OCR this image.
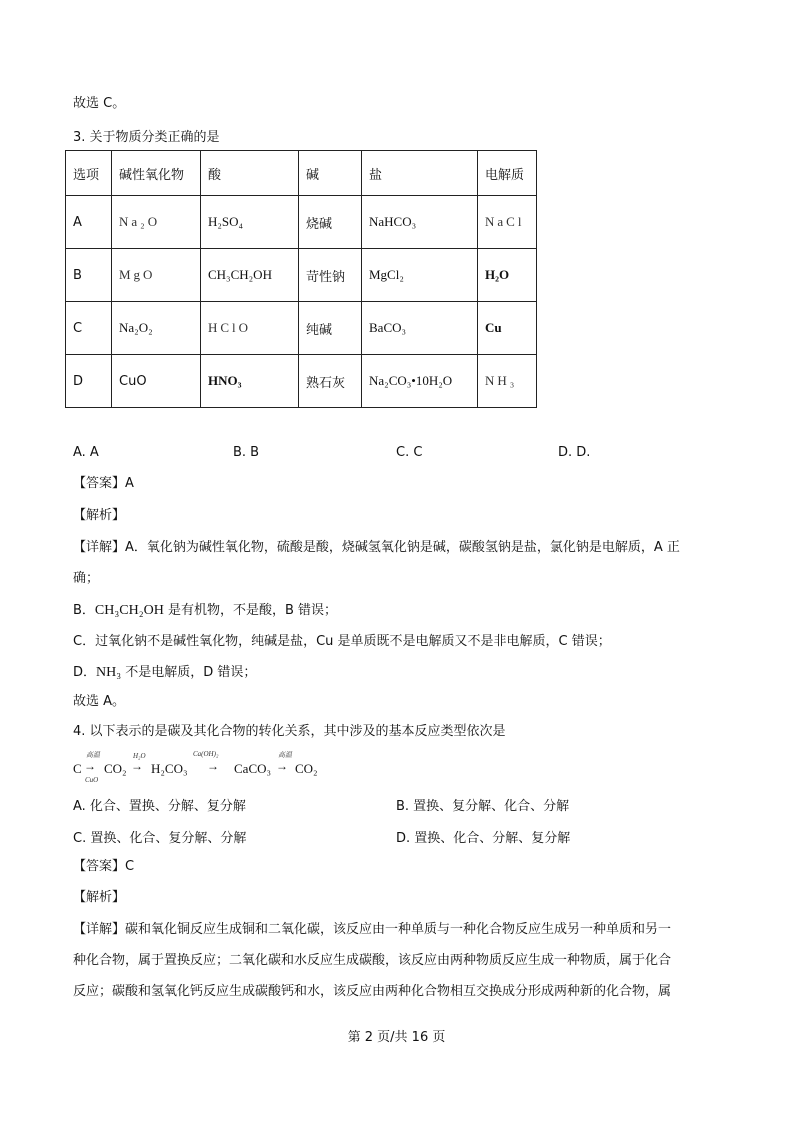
故选 C。
3. 关于物质分类正确的是
选项	碱性氧化物	酸	碱	盐	电解质
A	Na₂O	H₂SO₄	烧碱	NaHCO₃	NaCl
B	MgO	CH₃CH₂OH	苛性钠	MgCl₂	H₂O
C	Na₂O₂	HClO	纯碱	BaCO₃	Cu
D	CuO	HNO₃	熟石灰	Na₂CO₃•10H₂O	NH₃
A. A	B. B	C. C	D. D.
【答案】A
【解析】
【详解】A．氧化钠为碱性氧化物，硫酸是酸，烧碱氢氧化钠是碱，碳酸氢钠是盐，氯化钠是电解质，A 正
确；
B．CH₃CH₂OH 是有机物，不是酸，B 错误；
C．过氧化钠不是碱性氧化物，纯碱是盐，Cu 是单质既不是电解质又不是非电解质，C 错误；
D．NH₃ 不是电解质，D 错误；
故选 A。
4. 以下表示的是碳及其化合物的转化关系，其中涉及的基本反应类型依次是
C
高温
→
CuO
CO₂
H₂O
→ H₂CO₃
Ca(OH)₂
→ CaCO₃
高温
→ CO₂
A. 化合、置换、分解、复分解	B. 置换、复分解、化合、分解
C. 置换、化合、复分解、分解	D. 置换、化合、分解、复分解
【答案】C
【解析】
【详解】碳和氧化铜反应生成铜和二氧化碳，该反应由一种单质与一种化合物反应生成另一种单质和另一
种化合物，属于置换反应；二氧化碳和水反应生成碳酸，该反应由两种物质反应生成一种物质，属于化合
反应；碳酸和氢氧化钙反应生成碳酸钙和水，该反应由两种化合物相互交换成分形成两种新的化合物，属
第 2 页/共 16 页
